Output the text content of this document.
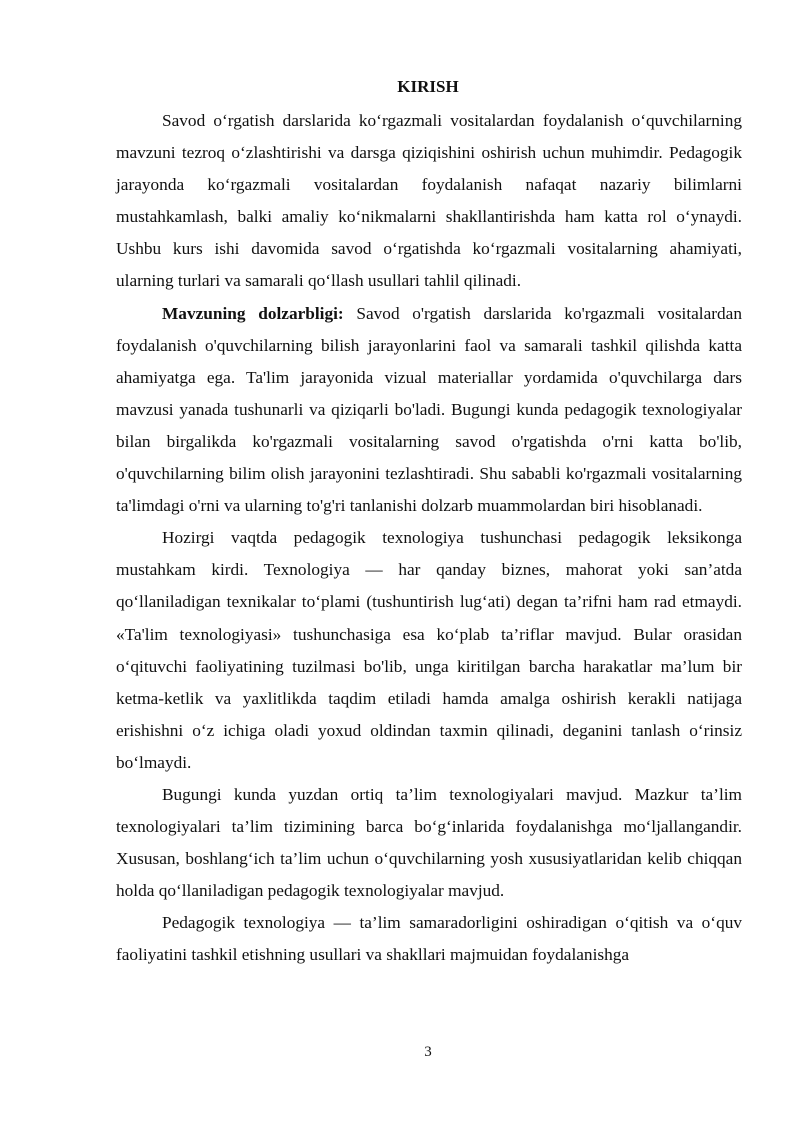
KIRISH

Savod o‘rgatish darslarida ko‘rgazmali vositalardan foydalanish o‘quvchilarning mavzuni tezroq o‘zlashtirishi va darsga qiziqishini oshirish uchun muhimdir. Pedagogik jarayonda ko‘rgazmali vositalardan foydalanish nafaqat nazariy bilimlarni mustahkamlash, balki amaliy ko‘nikmalarni shakllantirishda ham katta rol o‘ynaydi. Ushbu kurs ishi davomida savod o‘rgatishda ko‘rgazmali vositalarning ahamiyati, ularning turlari va samarali qo‘llash usullari tahlil qilinadi.

Mavzuning dolzarbligi: Savod o'rgatish darslarida ko'rgazmali vositalardan foydalanish o'quvchilarning bilish jarayonlarini faol va samarali tashkil qilishda katta ahamiyatga ega. Ta'lim jarayonida vizual materiallar yordamida o'quvchilarga dars mavzusi yanada tushunarli va qiziqarli bo'ladi. Bugungi kunda pedagogik texnologiyalar bilan birgalikda ko'rgazmali vositalarning savod o'rgatishda o'rni katta bo'lib, o'quvchilarning bilim olish jarayonini tezlashtiradi. Shu sababli ko'rgazmali vositalarning ta'limdagi o'rni va ularning to'g'ri tanlanishi dolzarb muammolardan biri hisoblanadi.

Hozirgi vaqtda pedagogik texnologiya tushunchasi pedagogik leksikonga mustahkam kirdi. Texnologiya — har qanday biznes, mahorat yoki san’atda qo‘llaniladigan texnikalar to‘plami (tushuntirish lug‘ati) degan ta’rifni ham rad etmaydi. «Ta'lim texnologiyasi» tushunchasiga esa ko‘plab ta’riflar mavjud. Bular orasidan o‘qituvchi faoliyatining tuzilmasi bo'lib, unga kiritilgan barcha harakatlar ma’lum bir ketma-ketlik va yaxlitlikda taqdim etiladi hamda amalga oshirish kerakli natijaga erishishni o‘z ichiga oladi yoxud oldindan taxmin qilinadi, deganini tanlash o‘rinsiz bo‘lmaydi.

Bugungi kunda yuzdan ortiq ta’lim texnologiyalari mavjud. Mazkur ta’lim texnologiyalari ta’lim tizimining barca bo‘g‘inlarida foydalanishga mo‘ljallangandir. Xususan, boshlang‘ich ta’lim uchun o‘quvchilarning yosh xususiyatlaridan kelib chiqqan holda qo‘llaniladigan pedagogik texnologiyalar mavjud.

Pedagogik texnologiya — ta’lim samaradorligini oshiradigan o‘qitish va o‘quv faoliyatini tashkil etishning usullari va shakllari majmuidan foydalanishga

3
